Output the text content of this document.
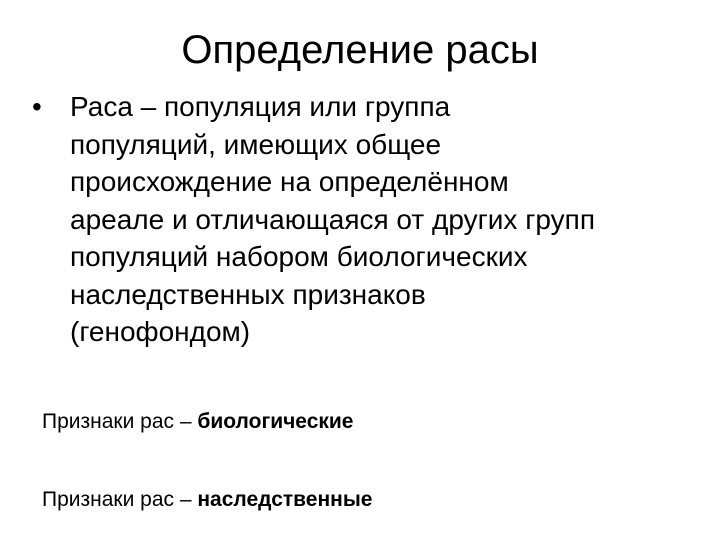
Определение расы
• Раса – популяция или группа
популяций, имеющих общее
происхождение на определённом
ареале и отличающаяся от других групп
популяций набором биологических
наследственных признаков
(генофондом)
Признаки рас – биологические
Признаки рас – наследственные
